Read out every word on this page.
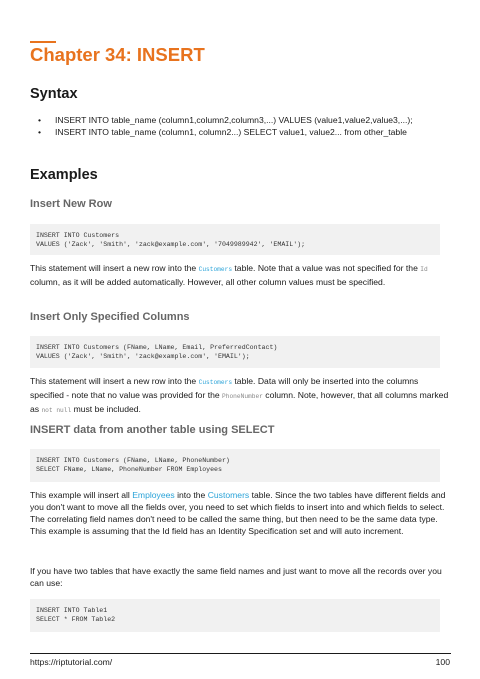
Chapter 34: INSERT
Syntax
• INSERT INTO table_name (column1,column2,column3,...) VALUES (value1,value2,value3,...);
• INSERT INTO table_name (column1, column2...) SELECT value1, value2... from other_table
Examples
Insert New Row
INSERT INTO Customers
VALUES ('Zack', 'Smith', 'zack@example.com', '7049989942', 'EMAIL');

This statement will insert a new row into the Customers table. Note that a value was not specified for the Id column, as it will be added automatically. However, all other column values must be specified.

Insert Only Specified Columns
INSERT INTO Customers (FName, LName, Email, PreferredContact)
VALUES ('Zack', 'Smith', 'zack@example.com', 'EMAIL');

This statement will insert a new row into the Customers table. Data will only be inserted into the columns specified - note that no value was provided for the PhoneNumber column. Note, however, that all columns marked as not null must be included.

INSERT data from another table using SELECT
INSERT INTO Customers (FName, LName, PhoneNumber)
SELECT FName, LName, PhoneNumber FROM Employees

This example will insert all Employees into the Customers table. Since the two tables have different fields and you don't want to move all the fields over, you need to set which fields to insert into and which fields to select. The correlating field names don't need to be called the same thing, but then need to be the same data type. This example is assuming that the Id field has an Identity Specification set and will auto increment.

If you have two tables that have exactly the same field names and just want to move all the records over you can use:

INSERT INTO Table1
SELECT * FROM Table2
https://riptutorial.com/	100
